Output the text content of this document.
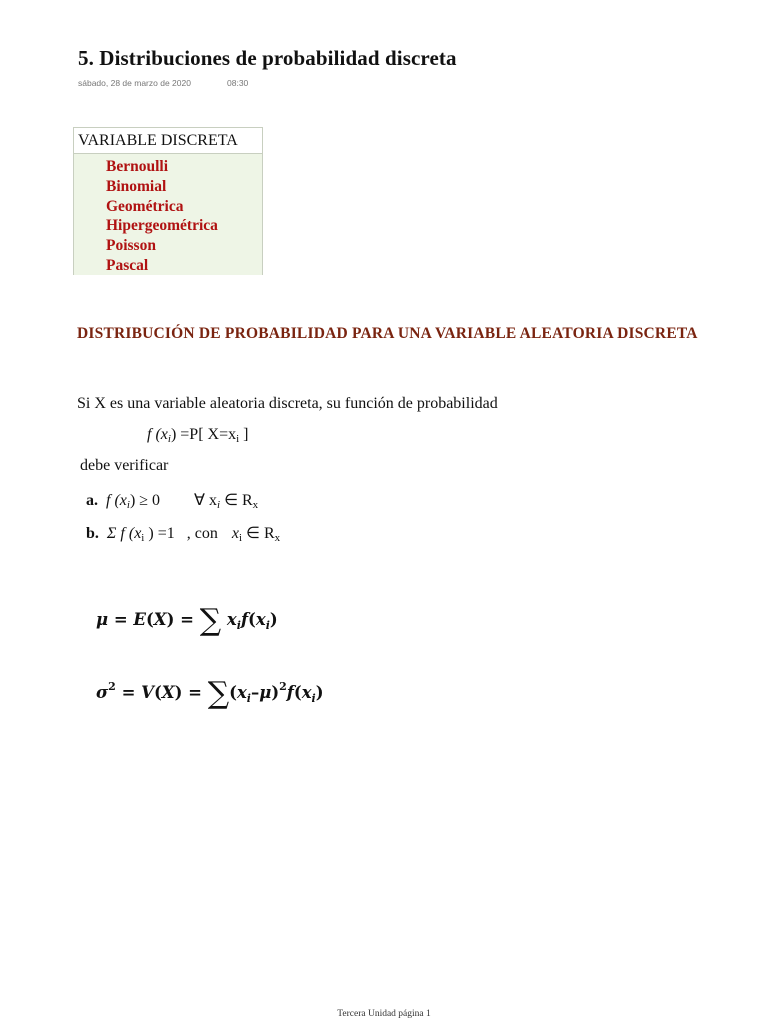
5. Distribuciones de probabilidad discreta
sábado, 28 de marzo de 2020	08:30
VARIABLE DISCRETA
Bernoulli
Binomial
Geométrica
Hipergeométrica
Poisson
Pascal
DISTRIBUCIÓN DE PROBABILIDAD PARA UNA VARIABLE ALEATORIA DISCRETA
Si X es una variable aleatoria discreta, su función de probabilidad
f $(x_i) =P$[ $X=x_i$ ]
debe verificar
a. f $(x_i) \ge 0$ ∀ $x_i$ ∈ $R_x$
b. Σ f ($x_i$ ) =1 , con $x_i$ ∈ $R_x$
μ = E(X) = ∑ $x_if(x_i)$
$\sigma^2 = V(X) = \sum(x_i-\mu)^2f(x_i)$
Tercera Unidad página 1
